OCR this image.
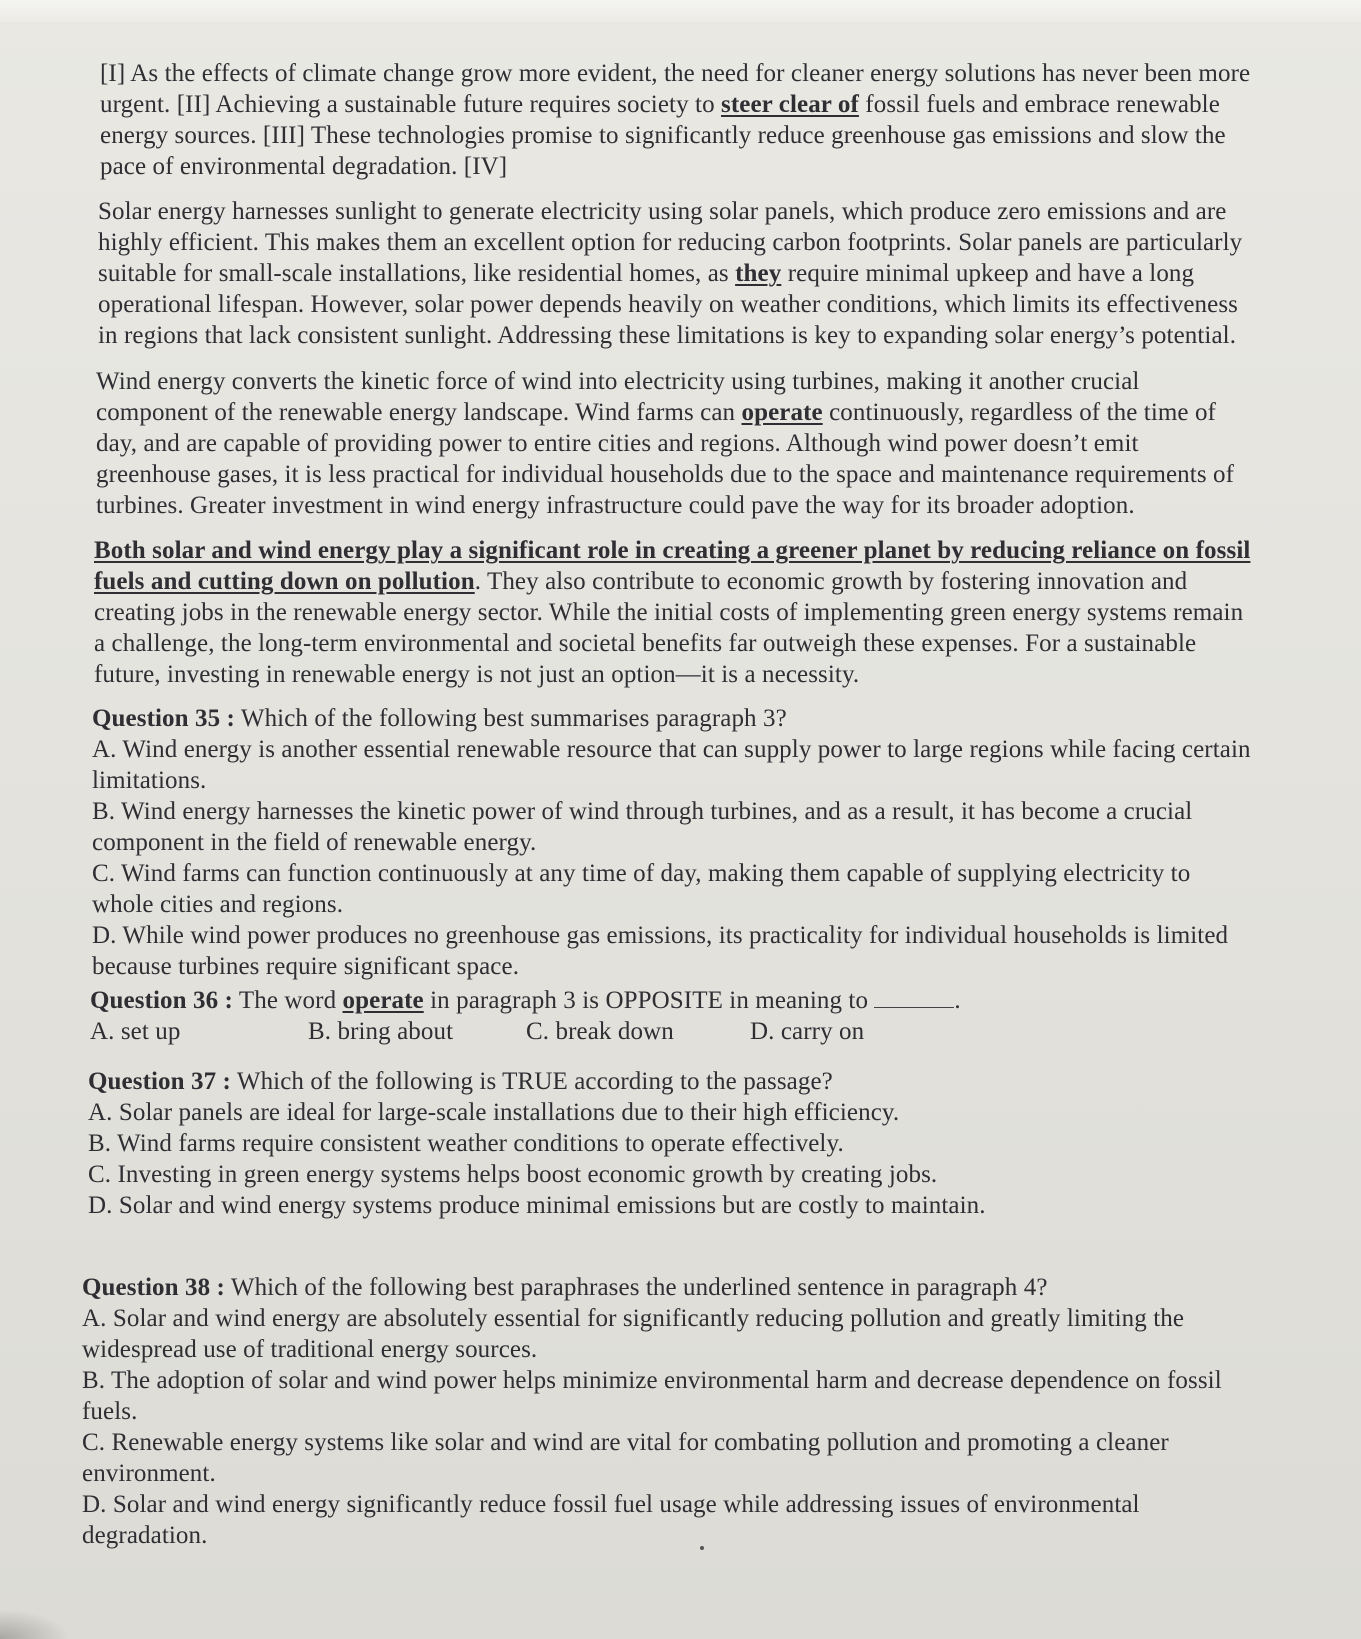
[I] As the effects of climate change grow more evident, the need for cleaner energy solutions has never been more urgent. [II] Achieving a sustainable future requires society to steer clear of fossil fuels and embrace renewable energy sources. [III] These technologies promise to significantly reduce greenhouse gas emissions and slow the pace of environmental degradation. [IV]

Solar energy harnesses sunlight to generate electricity using solar panels, which produce zero emissions and are highly efficient. This makes them an excellent option for reducing carbon footprints. Solar panels are particularly suitable for small-scale installations, like residential homes, as they require minimal upkeep and have a long operational lifespan. However, solar power depends heavily on weather conditions, which limits its effectiveness in regions that lack consistent sunlight. Addressing these limitations is key to expanding solar energy’s potential.

Wind energy converts the kinetic force of wind into electricity using turbines, making it another crucial component of the renewable energy landscape. Wind farms can operate continuously, regardless of the time of day, and are capable of providing power to entire cities and regions. Although wind power doesn’t emit greenhouse gases, it is less practical for individual households due to the space and maintenance requirements of turbines. Greater investment in wind energy infrastructure could pave the way for its broader adoption.

Both solar and wind energy play a significant role in creating a greener planet by reducing reliance on fossil fuels and cutting down on pollution. They also contribute to economic growth by fostering innovation and creating jobs in the renewable energy sector. While the initial costs of implementing green energy systems remain a challenge, the long-term environmental and societal benefits far outweigh these expenses. For a sustainable future, investing in renewable energy is not just an option—it is a necessity.

Question 35 : Which of the following best summarises paragraph 3?

A. Wind energy is another essential renewable resource that can supply power to large regions while facing certain limitations.

B. Wind energy harnesses the kinetic power of wind through turbines, and as a result, it has become a crucial component in the field of renewable energy.

C. Wind farms can function continuously at any time of day, making them capable of supplying electricity to whole cities and regions.

D. While wind power produces no greenhouse gas emissions, its practicality for individual households is limited because turbines require significant space.

Question 36 : The word operate in paragraph 3 is OPPOSITE in meaning to	.

A. set up	B. bring about	C. break down	D. carry on

Question 37 : Which of the following is TRUE according to the passage?

A. Solar panels are ideal for large-scale installations due to their high efficiency.

B. Wind farms require consistent weather conditions to operate effectively.

C. Investing in green energy systems helps boost economic growth by creating jobs.

D. Solar and wind energy systems produce minimal emissions but are costly to maintain.

Question 38 : Which of the following best paraphrases the underlined sentence in paragraph 4?

A. Solar and wind energy are absolutely essential for significantly reducing pollution and greatly limiting the widespread use of traditional energy sources.

B. The adoption of solar and wind power helps minimize environmental harm and decrease dependence on fossil fuels.

C. Renewable energy systems like solar and wind are vital for combating pollution and promoting a cleaner environment.

D. Solar and wind energy significantly reduce fossil fuel usage while addressing issues of environmental degradation.
